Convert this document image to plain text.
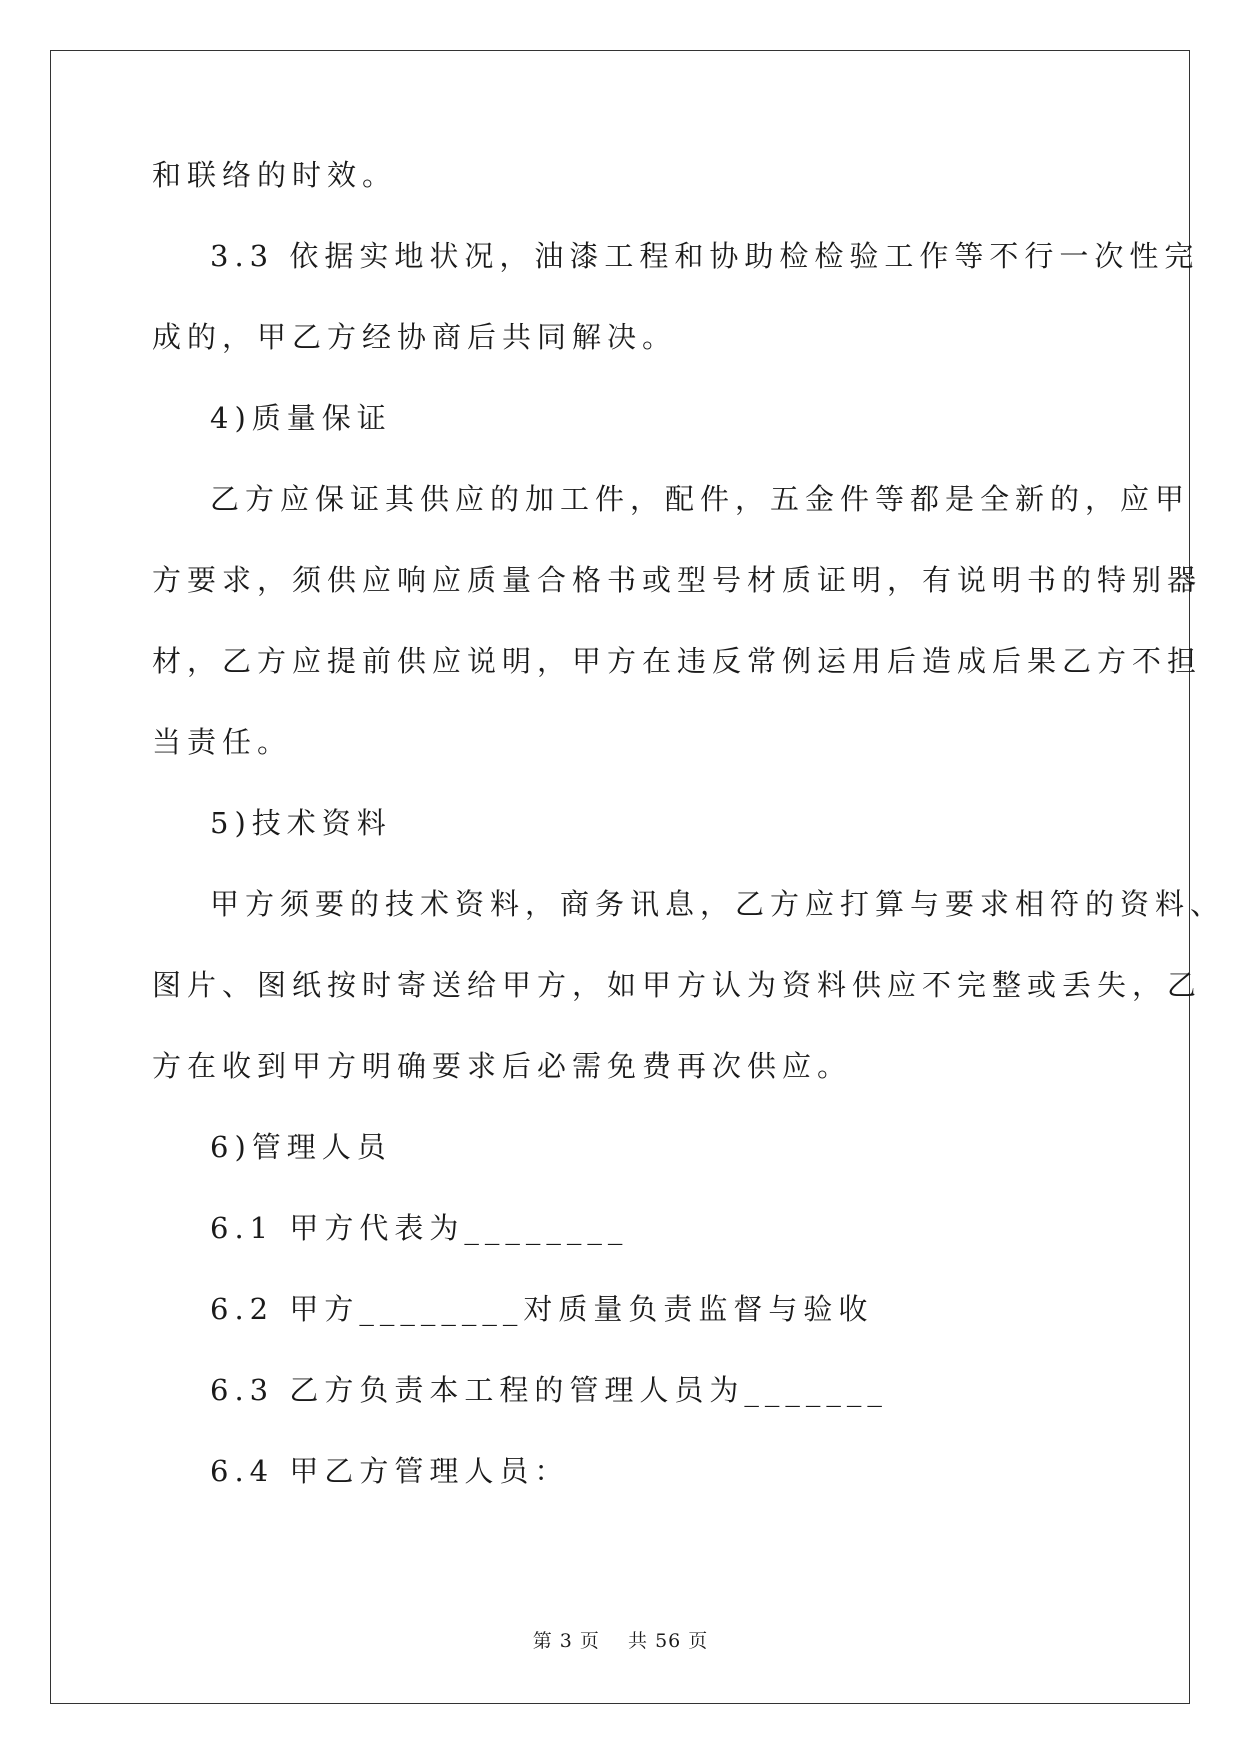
和联络的时效。

3.3 依据实地状况，油漆工程和协助检检验工作等不行一次性完

成的，甲乙方经协商后共同解决。

4)质量保证

乙方应保证其供应的加工件，配件，五金件等都是全新的，应甲

方要求，须供应响应质量合格书或型号材质证明，有说明书的特别器

材，乙方应提前供应说明，甲方在违反常例运用后造成后果乙方不担

当责任。

5)技术资料

甲方须要的技术资料，商务讯息，乙方应打算与要求相符的资料、

图片、图纸按时寄送给甲方，如甲方认为资料供应不完整或丢失，乙

方在收到甲方明确要求后必需免费再次供应。

6)管理人员

6.1 甲方代表为________

6.2 甲方________对质量负责监督与验收

6.3 乙方负责本工程的管理人员为_______

6.4 甲乙方管理人员：

第 3 页    共 56 页
